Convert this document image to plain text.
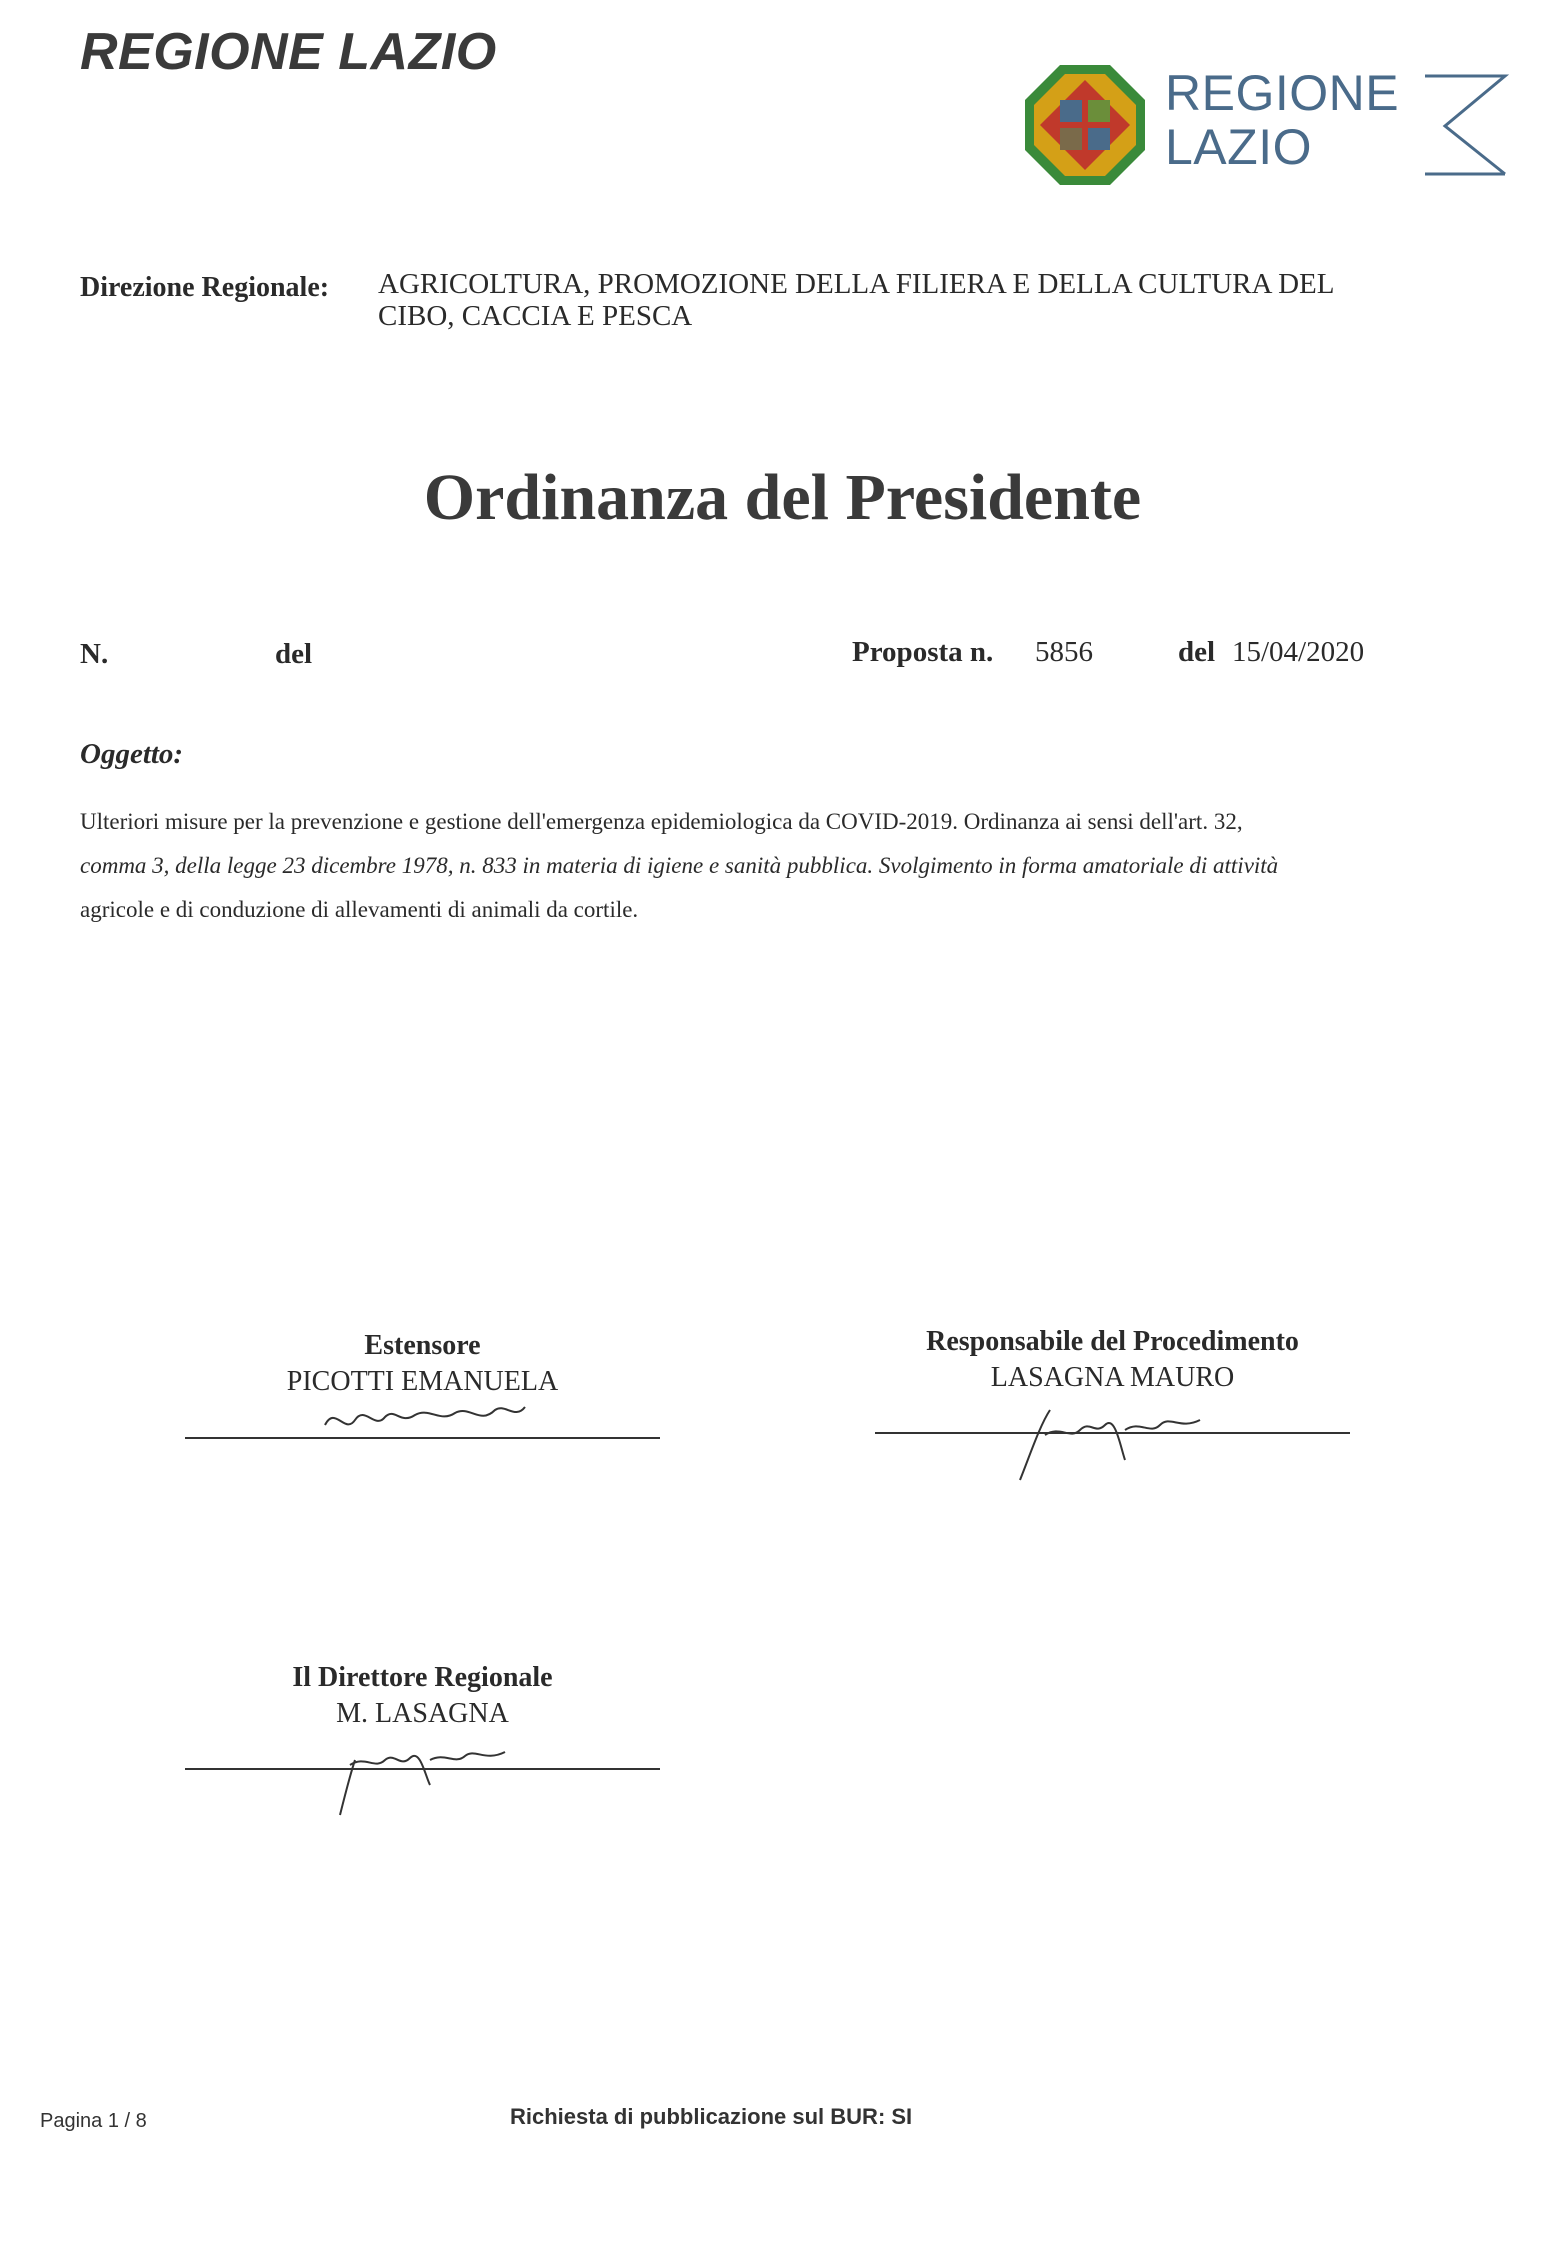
REGIONE LAZIO
REGIONE
LAZIO
Direzione Regionale: AGRICOLTURA, PROMOZIONE DELLA FILIERA E DELLA CULTURA DEL
CIBO, CACCIA E PESCA
Ordinanza del Presidente
N.	del	Proposta n. 5856	del 15/04/2020
Oggetto:
Ulteriori misure per la prevenzione e gestione dell'emergenza epidemiologica da COVID-2019. Ordinanza ai sensi dell'art. 32,
comma 3, della legge 23 dicembre 1978, n. 833 in materia di igiene e sanità pubblica. Svolgimento in forma amatoriale di attività
agricole e di conduzione di allevamenti di animali da cortile.
Estensore
PICOTTI EMANUELA
Responsabile del Procedimento
LASAGNA MAURO
Il Direttore Regionale
M. LASAGNA
Pagina 1 / 8	Richiesta di pubblicazione sul BUR: SI
